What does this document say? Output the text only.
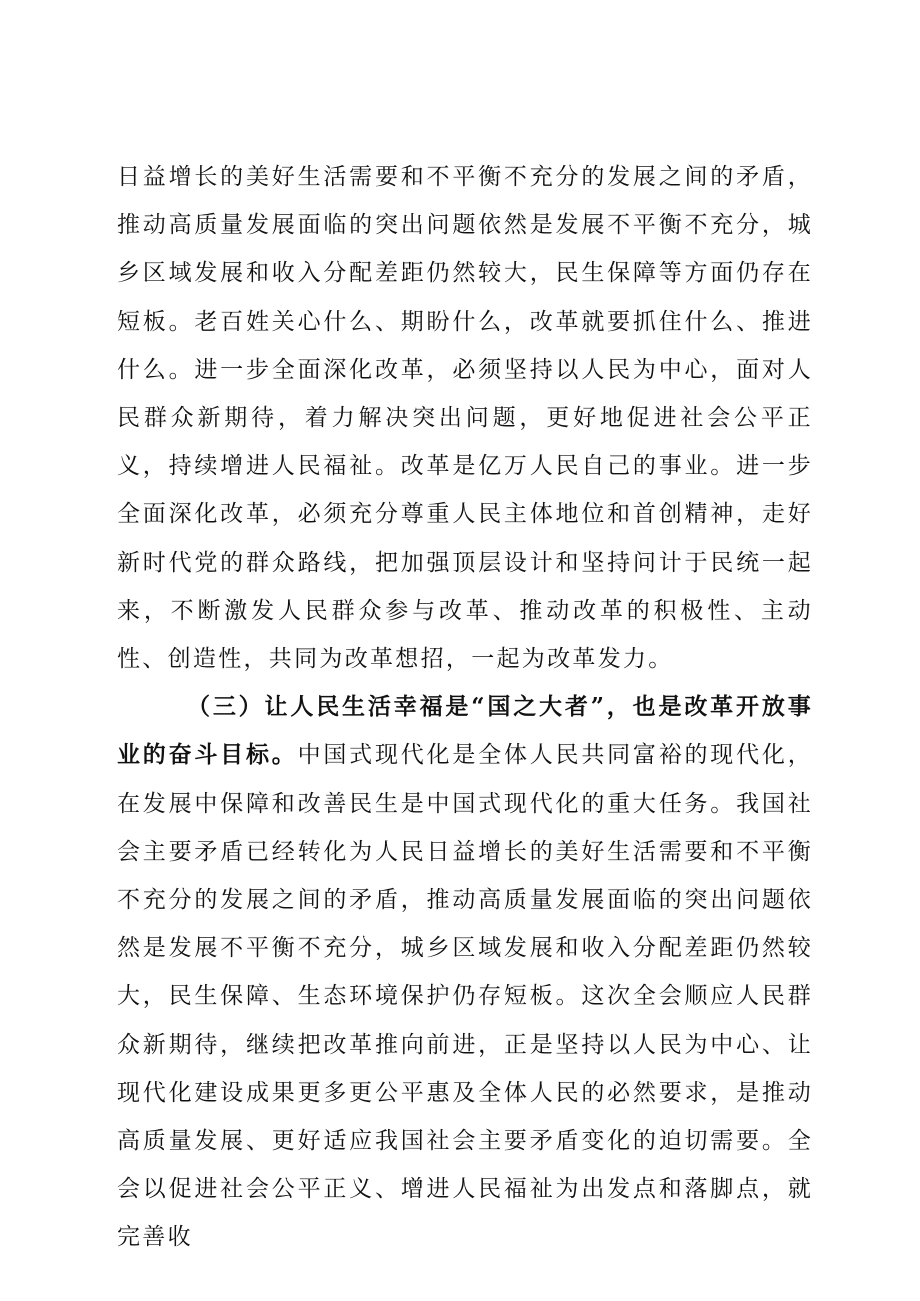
日益增长的美好生活需要和不平衡不充分的发展之间的矛盾，推动高质量发展面临的突出问题依然是发展不平衡不充分，城乡区域发展和收入分配差距仍然较大，民生保障等方面仍存在短板。老百姓关心什么、期盼什么，改革就要抓住什么、推进什么。进一步全面深化改革，必须坚持以人民为中心，面对人民群众新期待，着力解决突出问题，更好地促进社会公平正义，持续增进人民福祉。改革是亿万人民自己的事业。进一步全面深化改革，必须充分尊重人民主体地位和首创精神，走好新时代党的群众路线，把加强顶层设计和坚持问计于民统一起来，不断激发人民群众参与改革、推动改革的积极性、主动性、创造性，共同为改革想招，一起为改革发力。

（三）让人民生活幸福是“国之大者”，也是改革开放事业的奋斗目标。中国式现代化是全体人民共同富裕的现代化，在发展中保障和改善民生是中国式现代化的重大任务。我国社会主要矛盾已经转化为人民日益增长的美好生活需要和不平衡不充分的发展之间的矛盾，推动高质量发展面临的突出问题依然是发展不平衡不充分，城乡区域发展和收入分配差距仍然较大，民生保障、生态环境保护仍存短板。这次全会顺应人民群众新期待，继续把改革推向前进，正是坚持以人民为中心、让现代化建设成果更多更公平惠及全体人民的必然要求，是推动高质量发展、更好适应我国社会主要矛盾变化的迫切需要。全会以促进社会公平正义、增进人民福祉为出发点和落脚点，就完善收
